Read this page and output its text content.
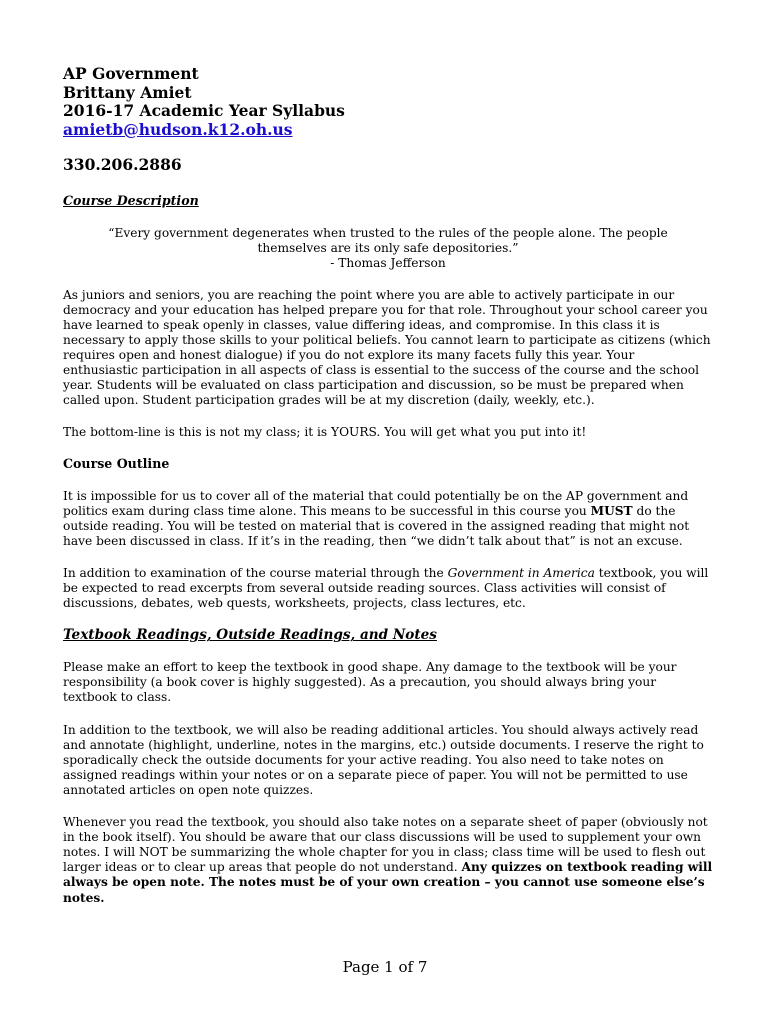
AP Government
Brittany Amiet
2016-17 Academic Year Syllabus
amietb@hudson.k12.oh.us
330.206.2886
Course Description
“Every government degenerates when trusted to the rules of the people alone. The people themselves are its only safe depositories.”
- Thomas Jefferson

As juniors and seniors, you are reaching the point where you are able to actively participate in our democracy and your education has helped prepare you for that role. Throughout your school career you have learned to speak openly in classes, value differing ideas, and compromise. In this class it is necessary to apply those skills to your political beliefs. You cannot learn to participate as citizens (which requires open and honest dialogue) if you do not explore its many facets fully this year. Your enthusiastic participation in all aspects of class is essential to the success of the course and the school year. Students will be evaluated on class participation and discussion, so be must be prepared when called upon. Student participation grades will be at my discretion (daily, weekly, etc.).

The bottom-line is this is not my class; it is YOURS. You will get what you put into it!

Course Outline

It is impossible for us to cover all of the material that could potentially be on the AP government and politics exam during class time alone. This means to be successful in this course you MUST do the outside reading. You will be tested on material that is covered in the assigned reading that might not have been discussed in class. If it’s in the reading, then “we didn’t talk about that” is not an excuse.

In addition to examination of the course material through the Government in America textbook, you will be expected to read excerpts from several outside reading sources. Class activities will consist of discussions, debates, web quests, worksheets, projects, class lectures, etc.

Textbook Readings, Outside Readings, and Notes

Please make an effort to keep the textbook in good shape. Any damage to the textbook will be your responsibility (a book cover is highly suggested). As a precaution, you should always bring your textbook to class.

In addition to the textbook, we will also be reading additional articles. You should always actively read and annotate (highlight, underline, notes in the margins, etc.) outside documents. I reserve the right to sporadically check the outside documents for your active reading. You also need to take notes on assigned readings within your notes or on a separate piece of paper. You will not be permitted to use annotated articles on open note quizzes.

Whenever you read the textbook, you should also take notes on a separate sheet of paper (obviously not in the book itself). You should be aware that our class discussions will be used to supplement your own notes. I will NOT be summarizing the whole chapter for you in class; class time will be used to flesh out larger ideas or to clear up areas that people do not understand. Any quizzes on textbook reading will always be open note. The notes must be of your own creation – you cannot use someone else’s notes.

Page 1 of 7
